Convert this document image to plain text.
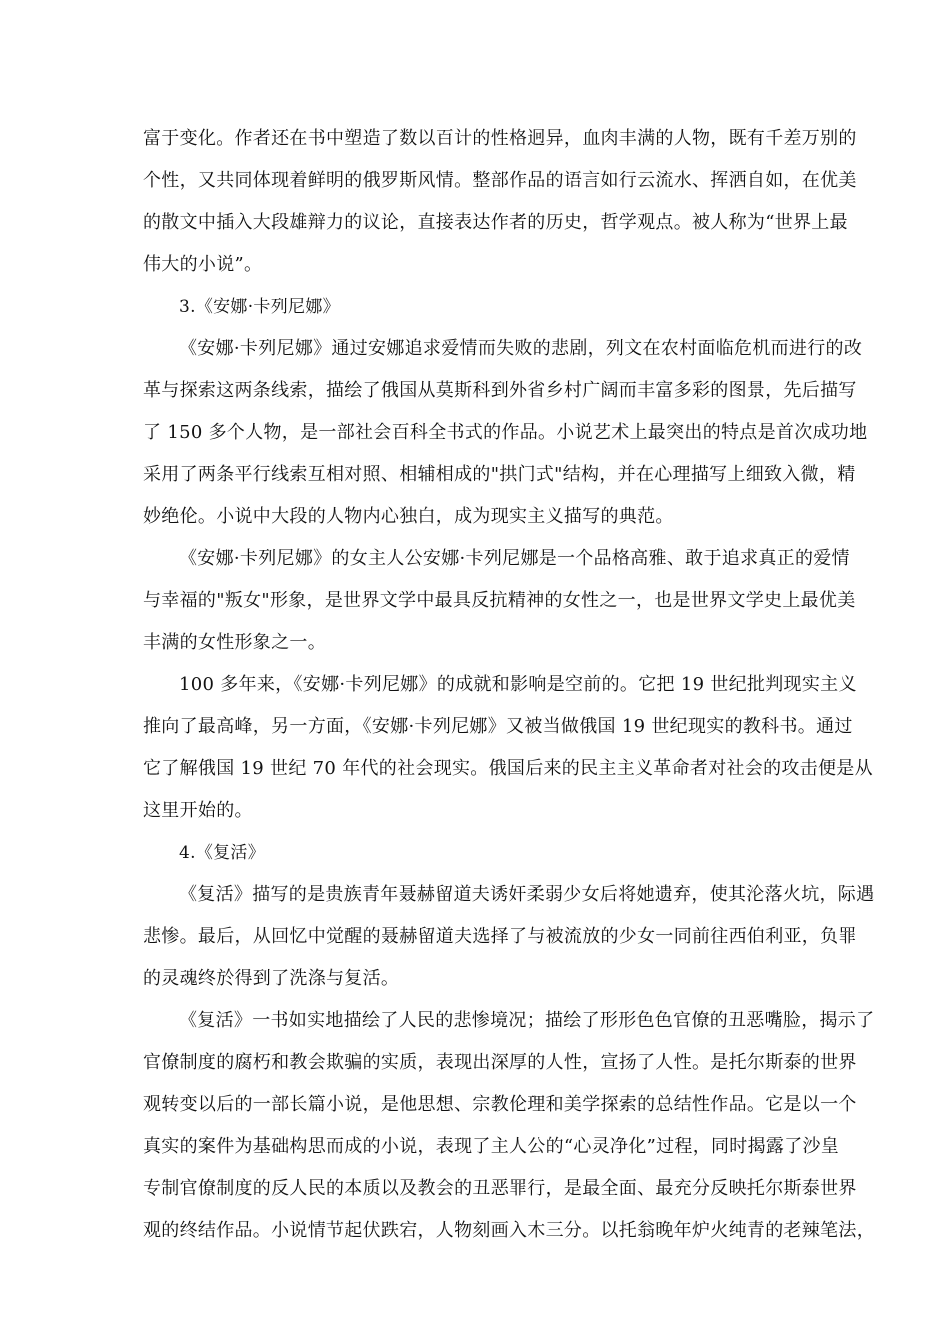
富于变化。作者还在书中塑造了数以百计的性格迥异，血肉丰满的人物，既有千差万别的
个性，又共同体现着鲜明的俄罗斯风情。整部作品的语言如行云流水、挥洒自如，在优美
的散文中插入大段雄辩力的议论，直接表达作者的历史，哲学观点。被人称为“世界上最
伟大的小说”。
3.《安娜·卡列尼娜》
《安娜·卡列尼娜》通过安娜追求爱情而失败的悲剧，列文在农村面临危机而进行的改
革与探索这两条线索，描绘了俄国从莫斯科到外省乡村广阔而丰富多彩的图景，先后描写
了 150 多个人物，是一部社会百科全书式的作品。小说艺术上最突出的特点是首次成功地
采用了两条平行线索互相对照、相辅相成的"拱门式"结构，并在心理描写上细致入微，精
妙绝伦。小说中大段的人物内心独白，成为现实主义描写的典范。
《安娜·卡列尼娜》的女主人公安娜·卡列尼娜是一个品格高雅、敢于追求真正的爱情
与幸福的"叛女"形象，是世界文学中最具反抗精神的女性之一，也是世界文学史上最优美
丰满的女性形象之一。
100 多年来，《安娜·卡列尼娜》的成就和影响是空前的。它把 19 世纪批判现实主义
推向了最高峰，另一方面，《安娜·卡列尼娜》又被当做俄国 19 世纪现实的教科书。通过
它了解俄国 19 世纪 70 年代的社会现实。俄国后来的民主主义革命者对社会的攻击便是从
这里开始的。
4.《复活》
《复活》描写的是贵族青年聂赫留道夫诱奸柔弱少女后将她遗弃，使其沦落火坑，际遇
悲惨。最后，从回忆中觉醒的聂赫留道夫选择了与被流放的少女一同前往西伯利亚，负罪
的灵魂终於得到了洗涤与复活。
《复活》一书如实地描绘了人民的悲惨境况；描绘了形形色色官僚的丑恶嘴脸，揭示了
官僚制度的腐朽和教会欺骗的实质，表现出深厚的人性，宣扬了人性。是托尔斯泰的世界
观转变以后的一部长篇小说，是他思想、宗教伦理和美学探索的总结性作品。它是以一个
真实的案件为基础构思而成的小说，表现了主人公的“心灵净化”过程，同时揭露了沙皇
专制官僚制度的反人民的本质以及教会的丑恶罪行，是最全面、最充分反映托尔斯泰世界
观的终结作品。小说情节起伏跌宕，人物刻画入木三分。以托翁晚年炉火纯青的老辣笔法，
